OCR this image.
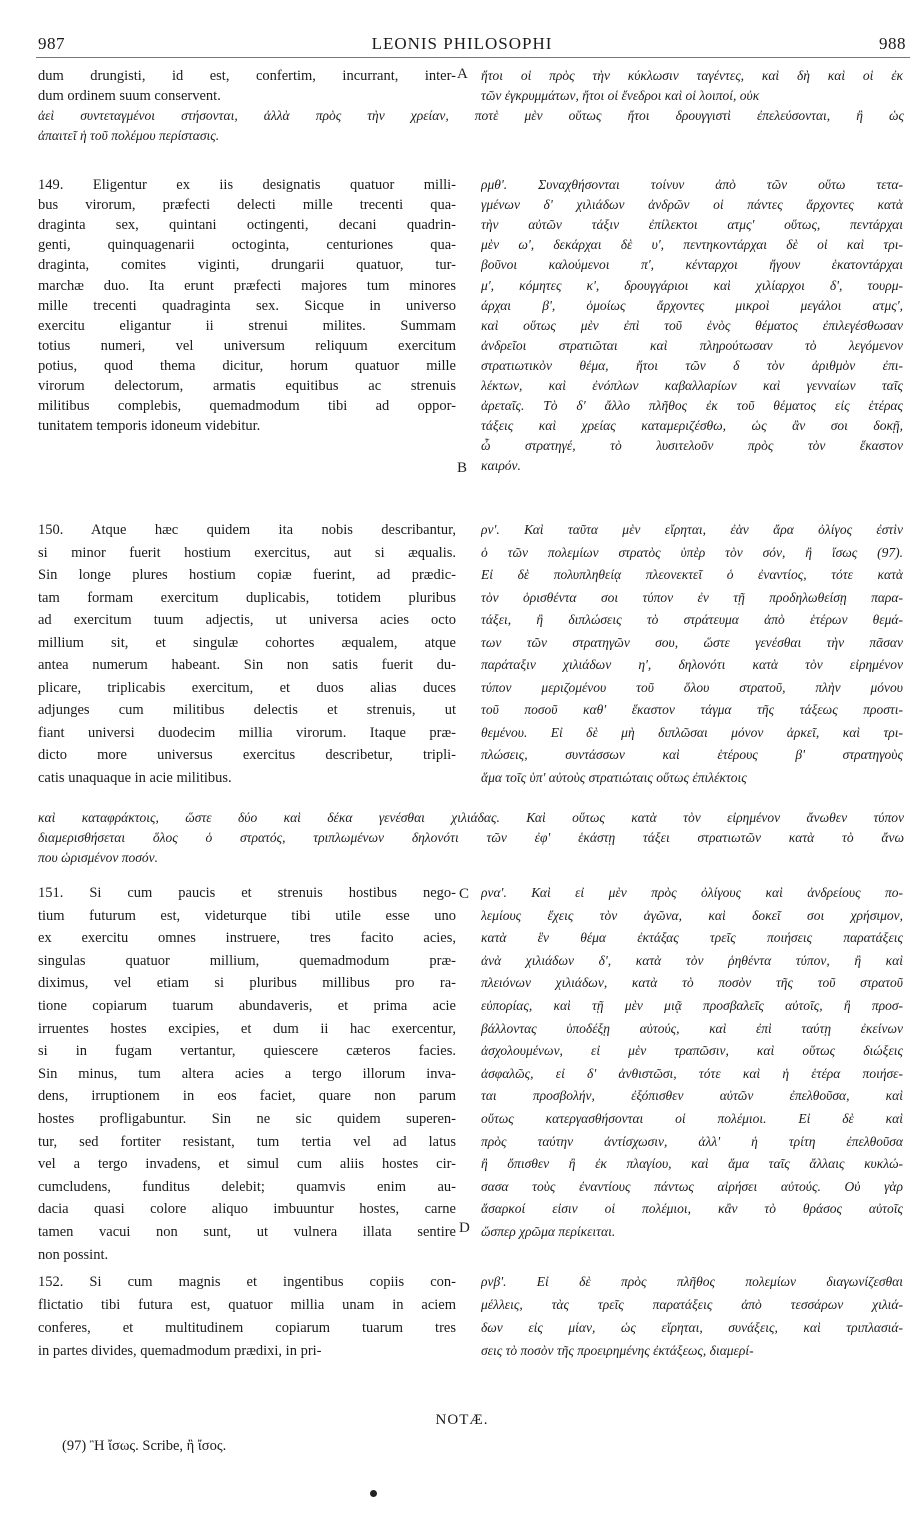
987	LEONIS PHILOSOPHI	988
dum drungisti, id est, confertim, incurrant, inter-
dum ordinem suum conservent.
ἤτοι οἱ πρὸς τὴν κύκλωσιν ταγέντες, καὶ δὴ καὶ οἱ ἐκ
τῶν ἐγκρυμμάτων, ἤτοι οἱ ἔνεδροι καὶ οἱ λοιποί, οὐκ
ἀεὶ συντεταγμένοι στήσονται, ἀλλὰ πρὸς τὴν χρείαν, ποτὲ μὲν οὕτως ἤτοι δρουγγιστὶ ἐπελεύσονται, ἢ ὡς
ἀπαιτεῖ ἡ τοῦ πολέμου περίστασις.
149. Eligentur ex iis designatis quatuor milli-
bus virorum, præfecti delecti mille trecenti qua-
draginta sex, quintani octingenti, decani quadrin-
genti, quinquagenarii octoginta, centuriones qua-
draginta, comites viginti, drungarii quatuor, tur-
marchæ duo. Ita erunt præfecti majores tum minores
mille trecenti quadraginta sex. Sicque in universo
exercitu eligantur ii strenui milites. Summam
totius numeri, vel universum reliquum exercitum
potius, quod thema dicitur, horum quatuor mille
virorum delectorum, armatis equitibus ac strenuis
militibus complebis, quemadmodum tibi ad oppor-
tunitatem temporis idoneum videbitur.
ρμθ'. Συναχθήσονται τοίνυν ἀπὸ τῶν οὕτω τετα-
γμένων δ' χιλιάδων ἀνδρῶν οἱ πάντες ἄρχοντες κατὰ
τὴν αὐτῶν τάξιν ἐπίλεκτοι ατμς' οὕτως, πεντάρχαι
μὲν ω', δεκάρχαι δὲ υ', πεντηκοντάρχαι δὲ οἱ καὶ τρι-
βοῦνοι καλούμενοι π', κένταρχοι ἤγουν ἑκατοντάρχαι
μ', κόμητες κ', δρουγγάριοι καὶ χιλίαρχοι δ', τουρμ-
άρχαι β', ὁμοίως ἄρχοντες μικροὶ μεγάλοι ατμς',
καὶ οὕτως μὲν ἐπὶ τοῦ ἑνὸς θέματος ἐπιλεγέσθωσαν
ἀνδρεῖοι στρατιῶται καὶ πληρούτωσαν τὸ λεγόμενον
στρατιωτικὸν θέμα, ἤτοι τῶν δ τὸν ἀριθμὸν ἐπι-
λέκτων, καὶ ἐνόπλων καβαλλαρίων καὶ γενναίων ταῖς
ἀρεταῖς. Τὸ δ' ἄλλο πλῆθος ἐκ τοῦ θέματος εἰς ἑτέρας
τάξεις καὶ χρείας καταμεριζέσθω, ὡς ἂν σοι δοκῇ,
ὦ στρατηγέ, τὸ λυσιτελοῦν πρὸς τὸν ἕκαστον
καιρόν.
150. Atque hæc quidem ita nobis describantur,
si minor fuerit hostium exercitus, aut si æqualis.
Sin longe plures hostium copiæ fuerint, ad prædic-
tam formam exercitum duplicabis, totidem pluribus
ad exercitum tuum adjectis, ut universa acies octo
millium sit, et singulæ cohortes æqualem, atque
antea numerum habeant. Sin non satis fuerit du-
plicare, triplicabis exercitum, et duos alias duces
adjunges cum militibus delectis et strenuis, ut
fiant universi duodecim millia virorum. Itaque præ-
dicto more universus exercitus describetur, tripli-
catis unaquaque in acie militibus.
ρν'. Καὶ ταῦτα μὲν εἴρηται, ἐὰν ἄρα ὀλίγος ἐστὶν
ὁ τῶν πολεμίων στρατὸς ὑπὲρ τὸν σόν, ἢ ἴσως (97).
Εἰ δὲ πολυπληθείᾳ πλεονεκτεῖ ὁ ἐναντίος, τότε κατὰ
τὸν ὁρισθέντα σοι τύπον ἐν τῇ προδηλωθείσῃ παρα-
τάξει, ἢ διπλώσεις τὸ στράτευμα ἀπὸ ἑτέρων θεμά-
των τῶν στρατηγῶν σου, ὥστε γενέσθαι τὴν πᾶσαν
παράταξιν χιλιάδων η', δηλονότι κατὰ τὸν εἰρημένον
τύπον μεριζομένου τοῦ ὅλου στρατοῦ, πλὴν μόνου
τοῦ ποσοῦ καθ' ἕκαστον τάγμα τῆς τάξεως προστι-
θεμένου. Εἰ δὲ μὴ διπλῶσαι μόνον ἀρκεῖ, καὶ τρι-
πλώσεις, συντάσσων καὶ ἑτέρους β' στρατηγοὺς
ἅμα τοῖς ὑπ' αὐτοὺς στρατιώταις οὕτως ἐπιλέκτοις
καὶ καταφράκτοις, ὥστε δύο καὶ δέκα γενέσθαι χιλιάδας. Καὶ οὕτως κατὰ τὸν εἰρημένον ἄνωθεν τύπον
διαμερισθήσεται ὅλος ὁ στρατός, τριπλωμένων δηλονότι τῶν ἐφ' ἑκάστῃ τάξει στρατιωτῶν κατὰ τὸ ἄνω
που ὡρισμένον ποσόν.
151. Si cum paucis et strenuis hostibus nego-
tium futurum est, videturque tibi utile esse uno
ex exercitu omnes instruere, tres facito acies,
singulas quatuor millium, quemadmodum præ-
diximus, vel etiam si pluribus millibus pro ra-
tione copiarum tuarum abundaveris, et prima acie
irruentes hostes excipies, et dum ii hac exercentur,
si in fugam vertantur, quiescere cæteros facies.
Sin minus, tum altera acies a tergo illorum inva-
dens, irruptionem in eos faciet, quare non parum
hostes profligabuntur. Sin ne sic quidem superen-
tur, sed fortiter resistant, tum tertia vel ad latus
vel a tergo invadens, et simul cum aliis hostes cir-
cumcludens, funditus delebit; quamvis enim au-
dacia quasi colore aliquo imbuuntur hostes, carne
tamen vacui non sunt, ut vulnera illata sentire
non possint.
ρνα'. Καὶ εἰ μὲν πρὸς ὀλίγους καὶ ἀνδρείους πο-
λεμίους ἔχεις τὸν ἀγῶνα, καὶ δοκεῖ σοι χρήσιμον,
κατὰ ἓν θέμα ἐκτάξας τρεῖς ποιήσεις παρατάξεις
ἀνὰ χιλιάδων δ', κατὰ τὸν ῥηθέντα τύπον, ἢ καὶ
πλειόνων χιλιάδων, κατὰ τὸ ποσὸν τῆς τοῦ στρατοῦ
εὐπορίας, καὶ τῇ μὲν μιᾷ προσβαλεῖς αὐτοῖς, ἢ προσ-
βάλλοντας ὑποδέξῃ αὐτούς, καὶ ἐπὶ ταύτῃ ἐκείνων
ἀσχολουμένων, εἰ μὲν τραπῶσιν, καὶ οὕτως διώξεις
ἀσφαλῶς, εἰ δ' ἀνθιστῶσι, τότε καὶ ἡ ἑτέρα ποιήσε-
ται προσβολήν, ἐξόπισθεν αὐτῶν ἐπελθοῦσα, καὶ
οὕτως κατεργασθήσονται οἱ πολέμιοι. Εἰ δὲ καὶ
πρὸς ταύτην ἀντίσχωσιν, ἀλλ' ἡ τρίτη ἐπελθοῦσα
ἢ ὄπισθεν ἢ ἐκ πλαγίου, καὶ ἅμα ταῖς ἄλλαις κυκλώ-
σασα τοὺς ἐναντίους πάντως αἱρήσει αὐτούς. Οὐ γὰρ
ἄσαρκοί εἰσιν οἱ πολέμιοι, κἂν τὸ θράσος αὐτοῖς
ὥσπερ χρῶμα περίκειται.
152. Si cum magnis et ingentibus copiis con-
flictatio tibi futura est, quatuor millia unam in aciem
conferes, et multitudinem copiarum tuarum tres
in partes divides, quemadmodum prædixi, in pri-
ρνβ'. Εἰ δὲ πρὸς πλῆθος πολεμίων διαγωνίζεσθαι
μέλλεις, τὰς τρεῖς παρατάξεις ἀπὸ τεσσάρων χιλιά-
δων εἰς μίαν, ὡς εἴρηται, συνάξεις, καὶ τριπλασιά-
σεις τὸ ποσὸν τῆς προειρημένης ἐκτάξεως, διαμερί-
A
B
C
D
NOTÆ.
(97) Ἢ ἴσως. Scribe, ἢ ἴσος.
